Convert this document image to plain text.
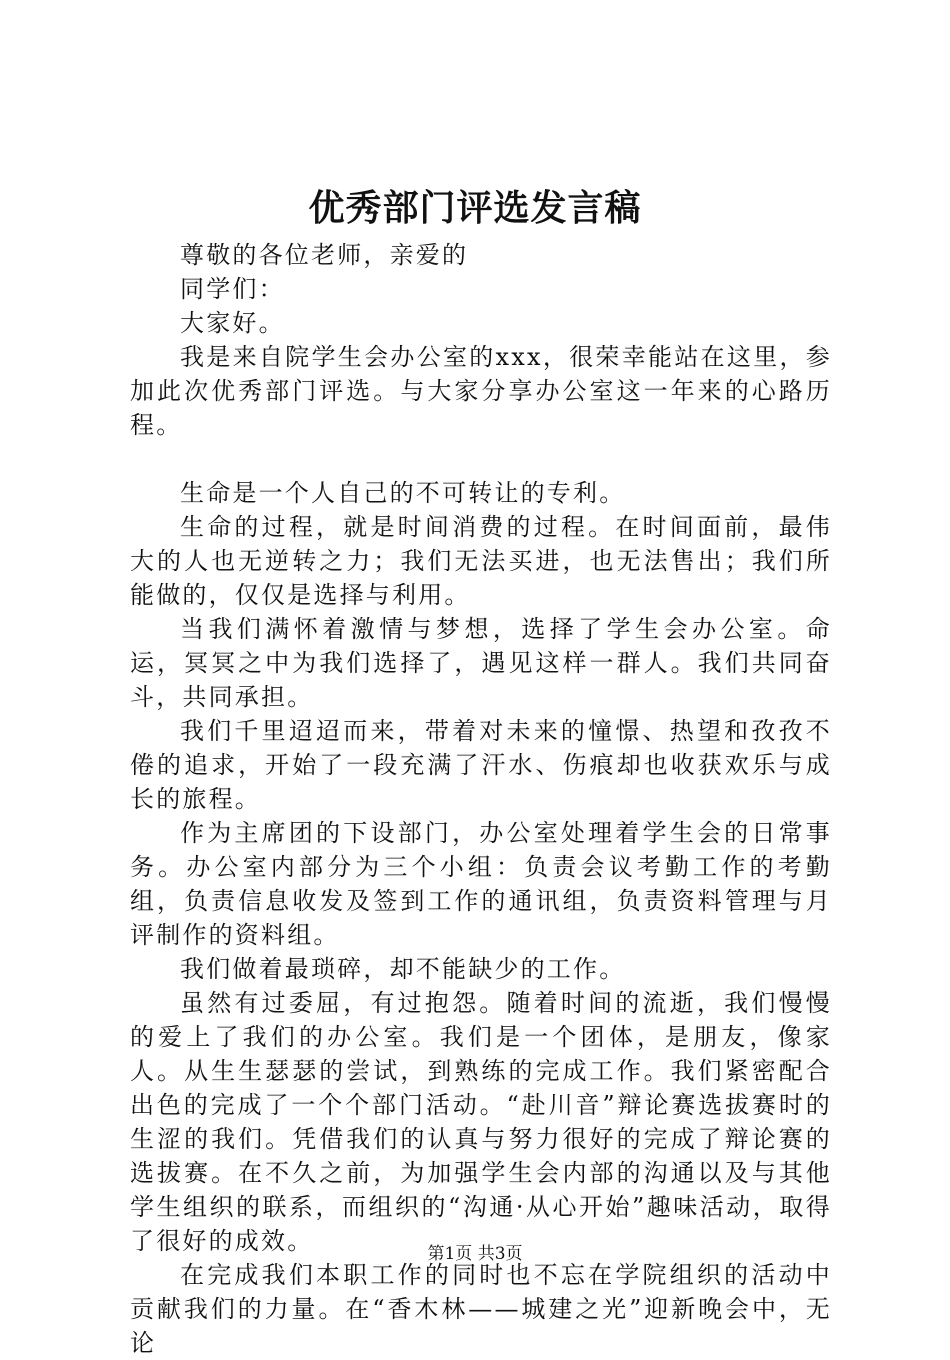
优秀部门评选发言稿

尊敬的各位老师，亲爱的

同学们：

大家好。

我是来自院学生会办公室的xxx，很荣幸能站在这里，参加此次优秀部门评选。与大家分享办公室这一年来的心路历程。

生命是一个人自己的不可转让的专利。

生命的过程，就是时间消费的过程。在时间面前，最伟大的人也无逆转之力；我们无法买进，也无法售出；我们所能做的，仅仅是选择与利用。

当我们满怀着激情与梦想，选择了学生会办公室。命运，冥冥之中为我们选择了，遇见这样一群人。我们共同奋斗，共同承担。

我们千里迢迢而来，带着对未来的憧憬、热望和孜孜不倦的追求，开始了一段充满了汗水、伤痕却也收获欢乐与成长的旅程。

作为主席团的下设部门，办公室处理着学生会的日常事务。办公室内部分为三个小组：负责会议考勤工作的考勤组，负责信息收发及签到工作的通讯组，负责资料管理与月评制作的资料组。

我们做着最琐碎，却不能缺少的工作。

虽然有过委屈，有过抱怨。随着时间的流逝，我们慢慢的爱上了我们的办公室。我们是一个团体，是朋友，像家人。从生生瑟瑟的尝试，到熟练的完成工作。我们紧密配合出色的完成了一个个部门活动。“赴川音”辩论赛选拔赛时的生涩的我们。凭借我们的认真与努力很好的完成了辩论赛的选拔赛。在不久之前，为加强学生会内部的沟通以及与其他学生组织的联系，而组织的“沟通·从心开始”趣味活动，取得了很好的成效。

在完成我们本职工作的同时也不忘在学院组织的活动中贡献我们的力量。在“香木林——城建之光”迎新晚会中，无论

第1页 共3页
